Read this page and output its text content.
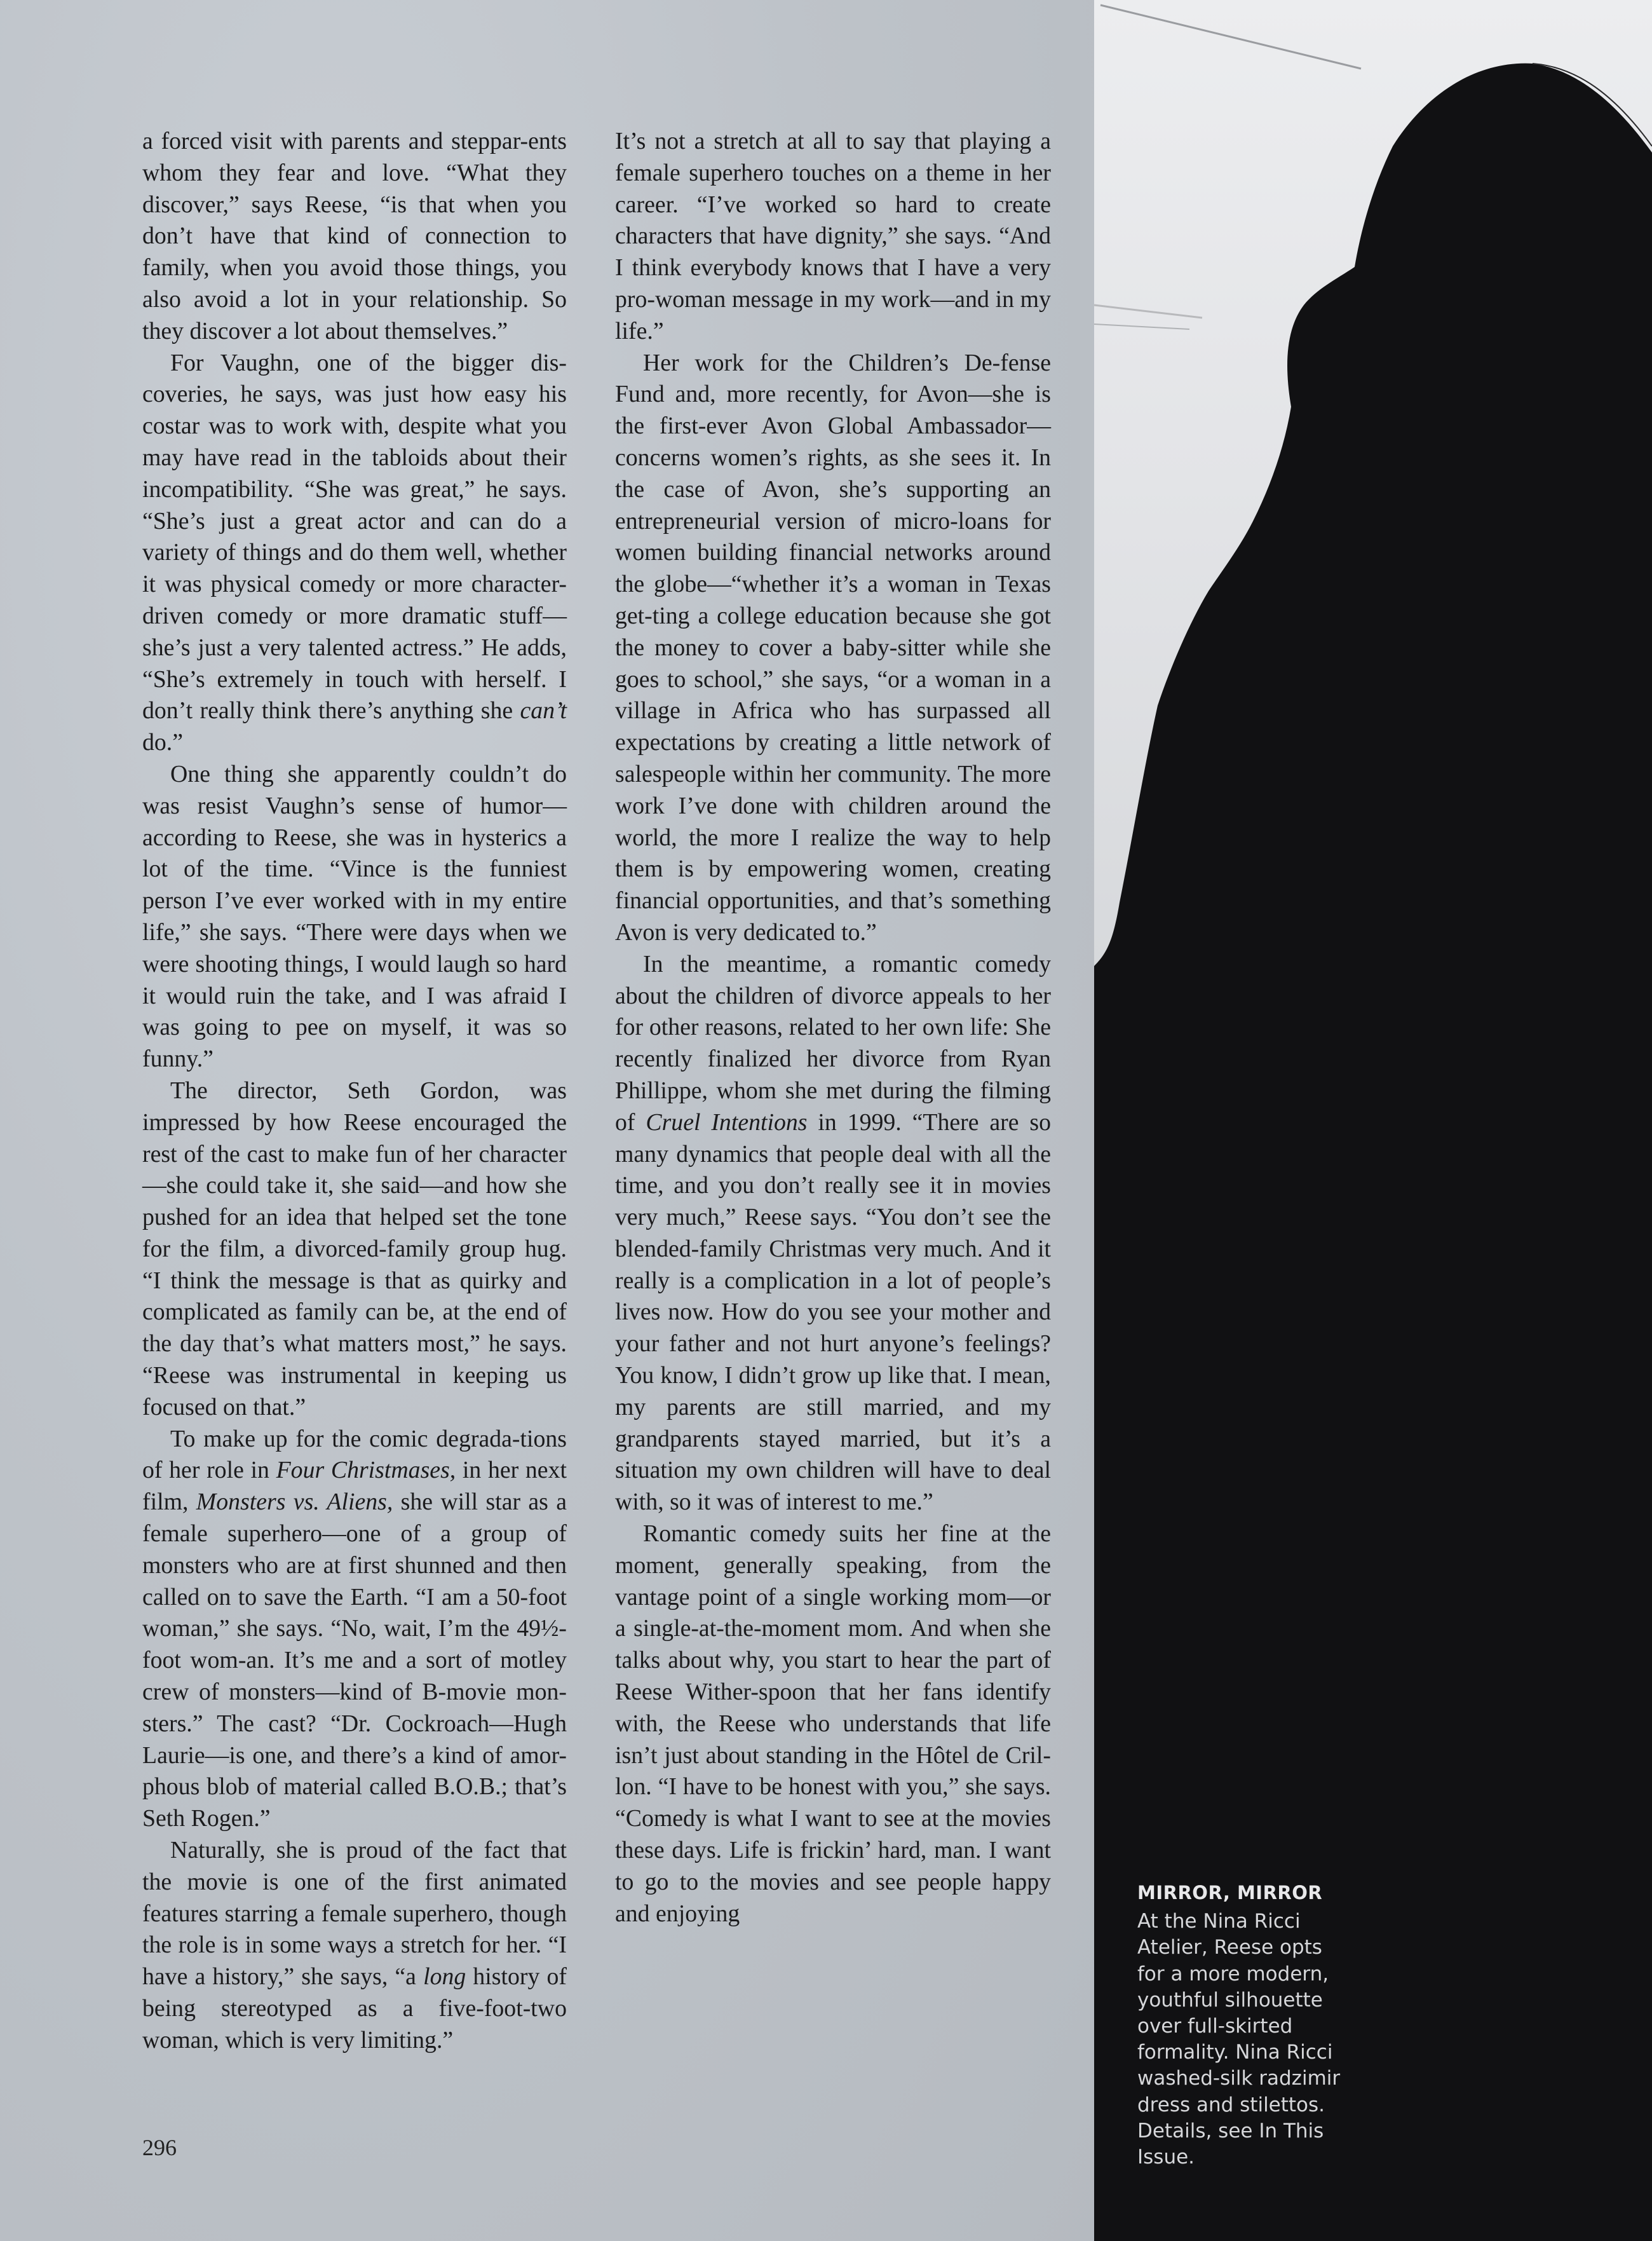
a forced visit with parents and steppar-ents whom they fear and love. “What they discover,” says Reese, “is that when you don’t have that kind of connection to family, when you avoid those things, you also avoid a lot in your relationship. So they discover a lot about themselves.”

For Vaughn, one of the bigger dis-coveries, he says, was just how easy his costar was to work with, despite what you may have read in the tabloids about their incompatibility. “She was great,” he says. “She’s just a great actor and can do a variety of things and do them well, whether it was physical comedy or more character-driven comedy or more dramatic stuff—she’s just a very talented actress.” He adds, “She’s extremely in touch with herself. I don’t really think there’s anything she can’t do.”

One thing she apparently couldn’t do was resist Vaughn’s sense of humor—according to Reese, she was in hysterics a lot of the time. “Vince is the funniest person I’ve ever worked with in my entire life,” she says. “There were days when we were shooting things, I would laugh so hard it would ruin the take, and I was afraid I was going to pee on myself, it was so funny.”

The director, Seth Gordon, was impressed by how Reese encouraged the rest of the cast to make fun of her character—she could take it, she said—and how she pushed for an idea that helped set the tone for the film, a divorced-family group hug. “I think the message is that as quirky and complicated as family can be, at the end of the day that’s what matters most,” he says. “Reese was instrumental in keeping us focused on that.”

To make up for the comic degrada-tions of her role in Four Christmases, in her next film, Monsters vs. Aliens, she will star as a female superhero—one of a group of monsters who are at first shunned and then called on to save the Earth. “I am a 50-foot woman,” she says. “No, wait, I’m the 49½-foot wom-an. It’s me and a sort of motley crew of monsters—kind of B-movie mon-sters.” The cast? “Dr. Cockroach—Hugh Laurie—is one, and there’s a kind of amor-phous blob of material called B.O.B.; that’s Seth Rogen.”

Naturally, she is proud of the fact that the movie is one of the first animated features starring a female superhero, though the role is in some ways a stretch for her. “I have a history,” she says, “a long history of being stereotyped as a five-foot-two woman, which is very limiting.”

It’s not a stretch at all to say that playing a female superhero touches on a theme in her career. “I’ve worked so hard to create characters that have dignity,” she says. “And I think everybody knows that I have a very pro-woman message in my work—and in my life.”

Her work for the Children’s De-fense Fund and, more recently, for Avon—she is the first-ever Avon Global Ambassador—concerns women’s rights, as she sees it. In the case of Avon, she’s supporting an entrepreneurial version of micro-loans for women building financial networks around the globe—“whether it’s a woman in Texas get-ting a college education because she got the money to cover a baby-sitter while she goes to school,” she says, “or a woman in a village in Africa who has surpassed all expectations by creating a little network of salespeople within her community. The more work I’ve done with children around the world, the more I realize the way to help them is by empowering women, creating financial opportunities, and that’s something Avon is very dedicated to.”

In the meantime, a romantic comedy about the children of divorce appeals to her for other reasons, related to her own life: She recently finalized her divorce from Ryan Phillippe, whom she met during the filming of Cruel Intentions in 1999. “There are so many dynamics that people deal with all the time, and you don’t really see it in movies very much,” Reese says. “You don’t see the blended-family Christmas very much. And it really is a complication in a lot of people’s lives now. How do you see your mother and your father and not hurt anyone’s feelings? You know, I didn’t grow up like that. I mean, my parents are still married, and my grandparents stayed married, but it’s a situation my own children will have to deal with, so it was of interest to me.”

Romantic comedy suits her fine at the moment, generally speaking, from the vantage point of a single working mom—or a single-at-the-moment mom. And when she talks about why, you start to hear the part of Reese Wither-spoon that her fans identify with, the Reese who understands that life isn’t just about standing in the Hôtel de Cril-lon. “I have to be honest with you,” she says. “Comedy is what I want to see at the movies these days. Life is frickin’ hard, man. I want to go to the movies and see people happy and enjoying

296
MIRROR, MIRROR
At the Nina Ricci Atelier, Reese opts for a more modern, youthful silhouette over full-skirted formality. Nina Ricci washed-silk radzimir dress and stilettos. Details, see In This Issue.
